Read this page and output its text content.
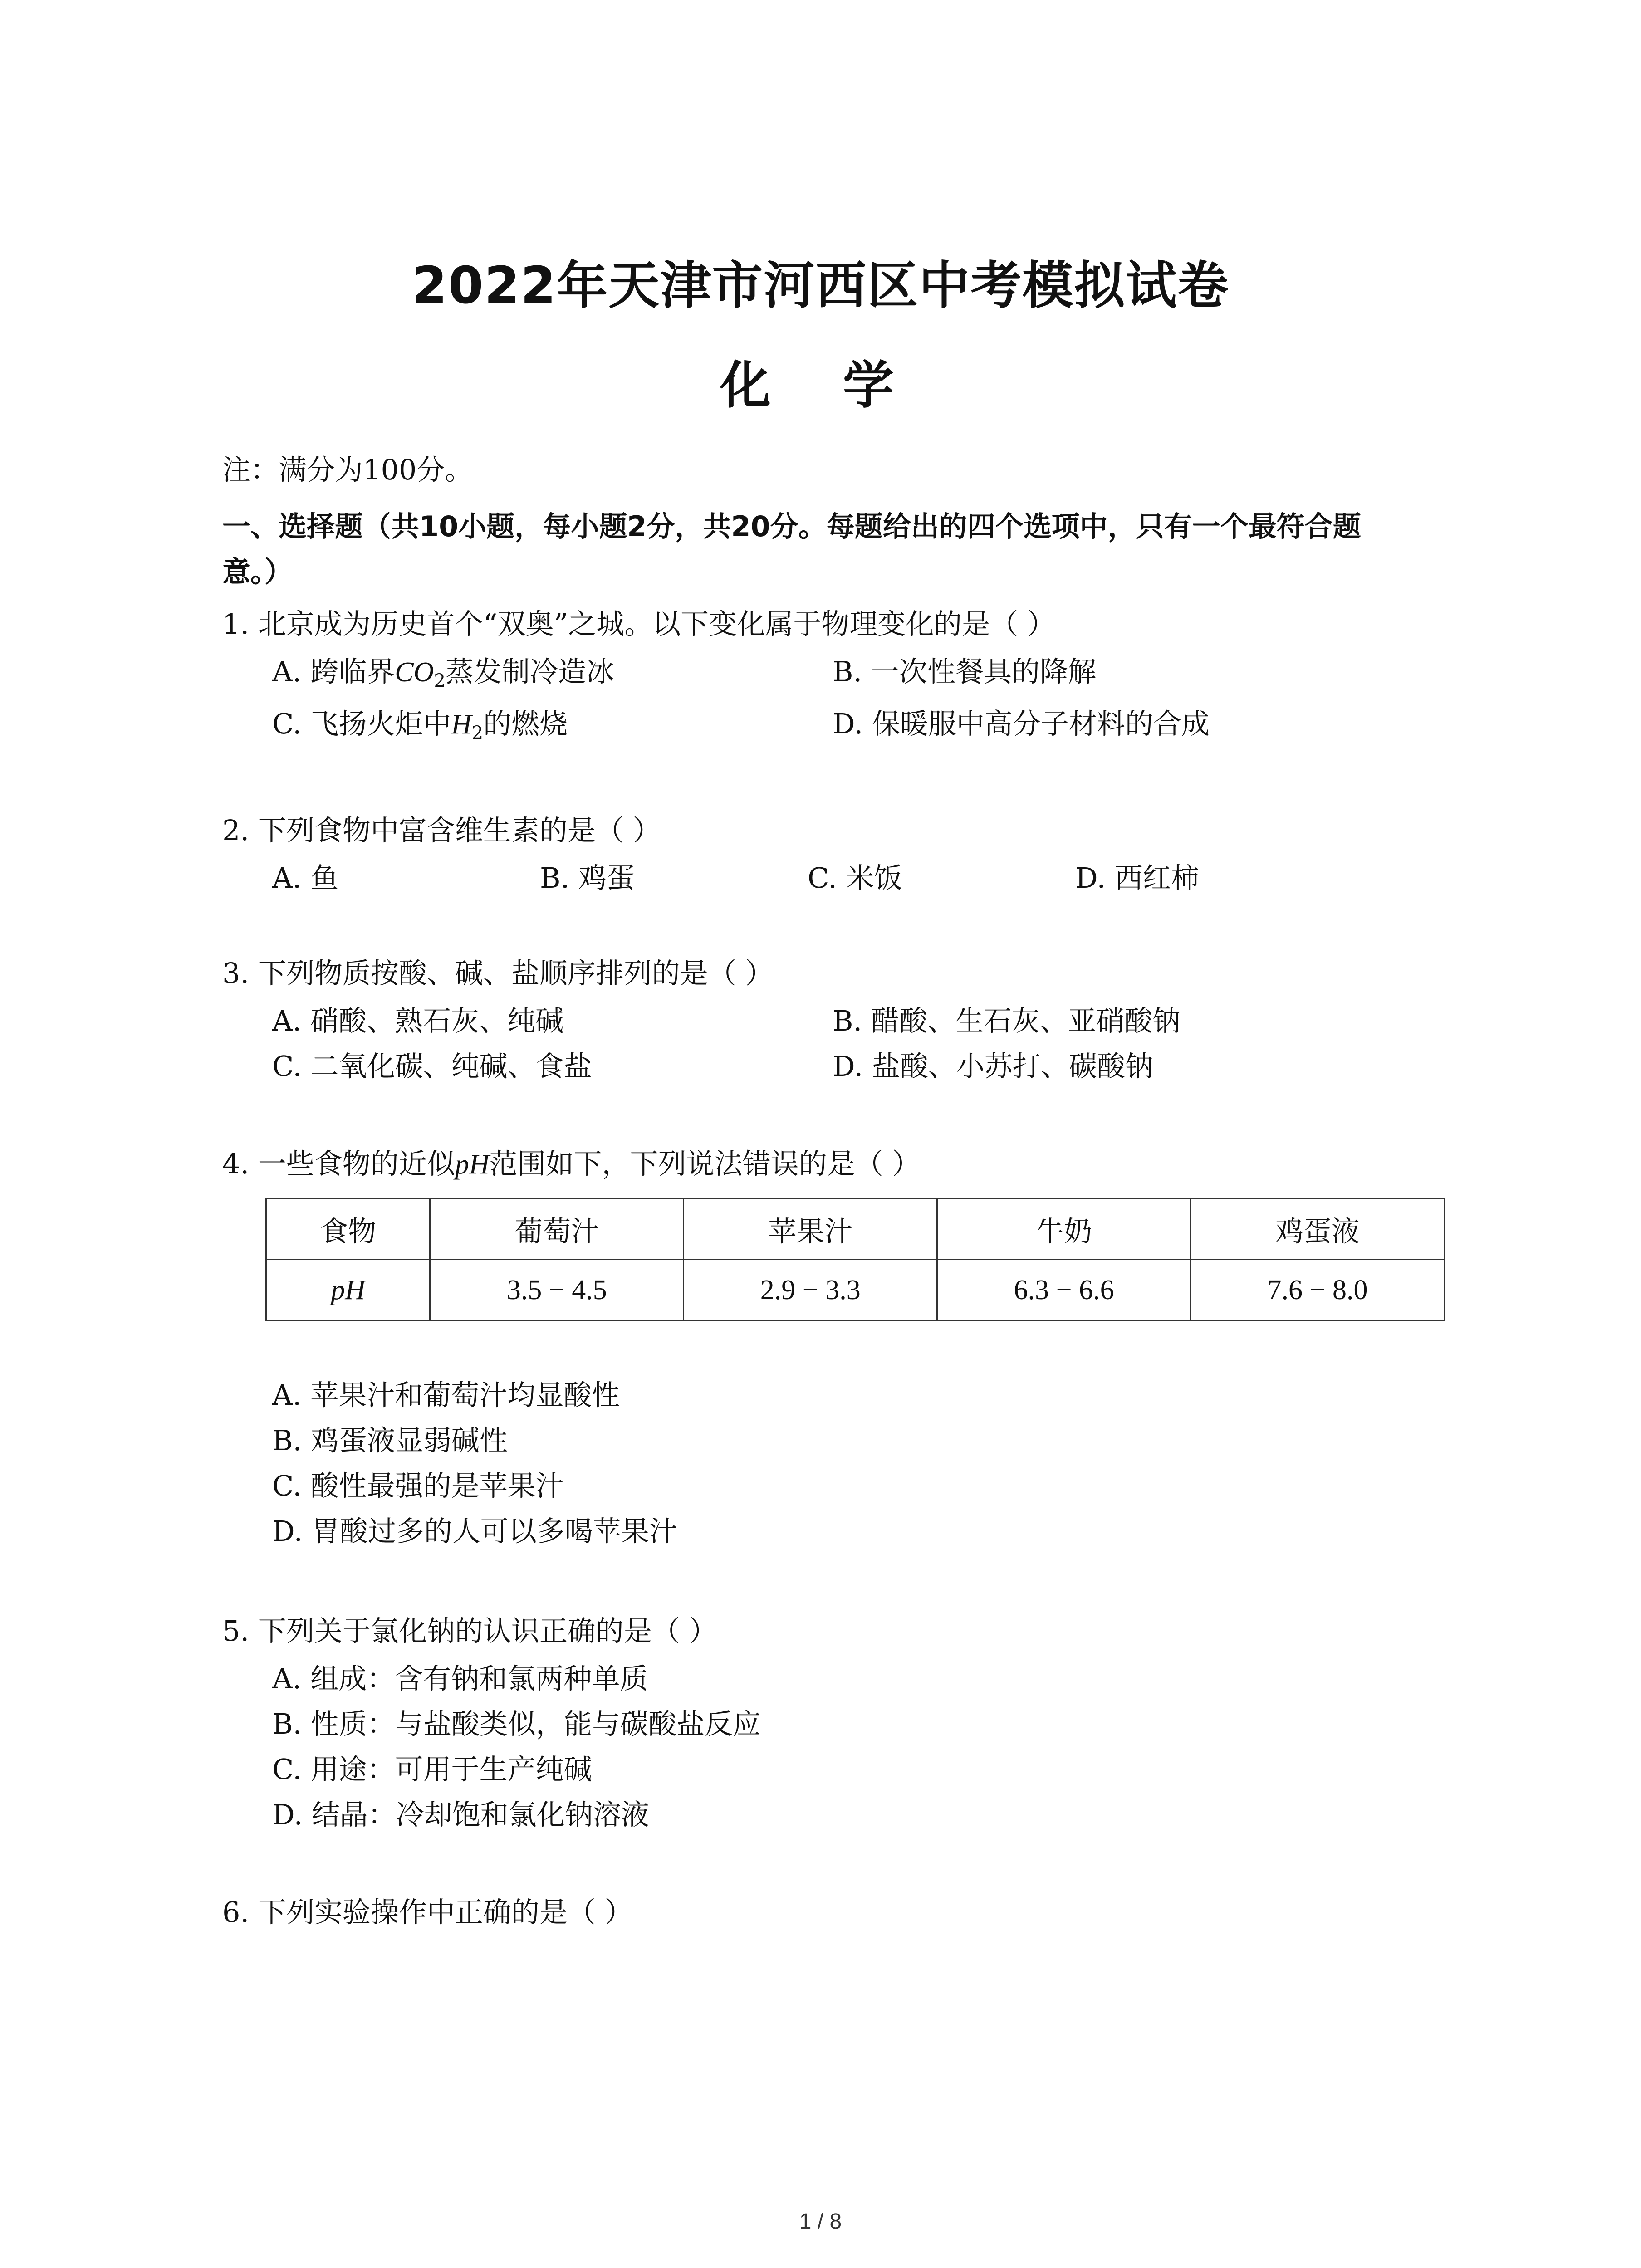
2022年天津市河西区中考模拟试卷
化 学
注：满分为100分。
一、选择题（共10小题，每小题2分，共20分。每题给出的四个选项中，只有一个最符合题
意。）
1. 北京成为历史首个“双奥”之城。以下变化属于物理变化的是（ ）
A. 跨临界$CO_2$蒸发制冷造冰	B. 一次性餐具的降解
C. 飞扬火炬中$H_2$的燃烧	D. 保暖服中高分子材料的合成
2. 下列食物中富含维生素的是（ ）
A. 鱼	B. 鸡蛋	C. 米饭	D. 西红柿
3. 下列物质按酸、碱、盐顺序排列的是（ ）
A. 硝酸、熟石灰、纯碱	B. 醋酸、生石灰、亚硝酸钠
C. 二氧化碳、纯碱、食盐	D. 盐酸、小苏打、碳酸钠
4. 一些食物的近似pH范围如下，下列说法错误的是（ ）
食物	葡萄汁	苹果汁	牛奶	鸡蛋液
pH	3.5 − 4.5	2.9 − 3.3	6.3 − 6.6	7.6 − 8.0
A. 苹果汁和葡萄汁均显酸性
B. 鸡蛋液显弱碱性
C. 酸性最强的是苹果汁
D. 胃酸过多的人可以多喝苹果汁
5. 下列关于氯化钠的认识正确的是（ ）
A. 组成：含有钠和氯两种单质
B. 性质：与盐酸类似，能与碳酸盐反应
C. 用途：可用于生产纯碱
D. 结晶：冷却饱和氯化钠溶液
6. 下列实验操作中正确的是（ ）
1 / 8
